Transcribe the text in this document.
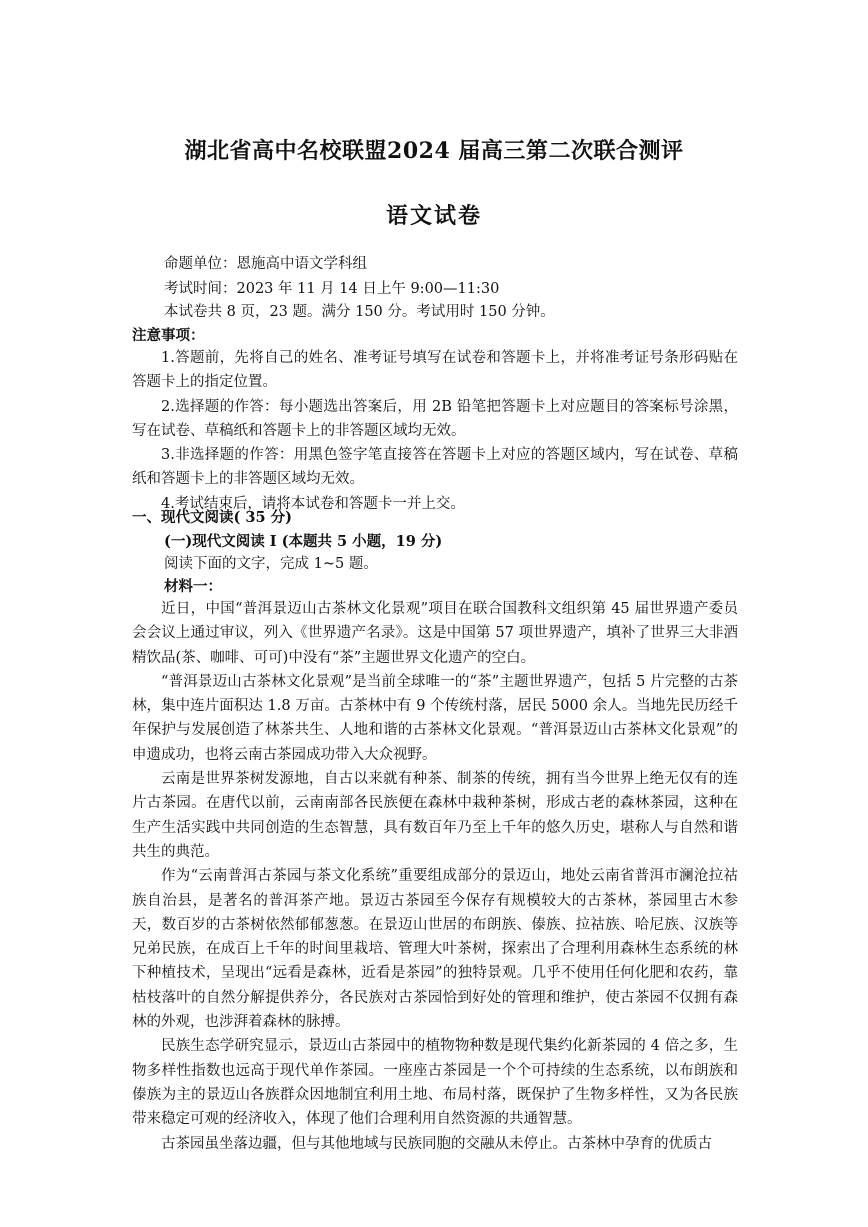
湖北省高中名校联盟2024 届高三第二次联合测评
语文试卷
命题单位：恩施高中语文学科组
考试时间：2023 年 11 月 14 日上午 9:00—11:30
本试卷共 8 页，23 题。满分 150 分。考试用时 150 分钟。
注意事项：

1.答题前，先将自己的姓名、准考证号填写在试卷和答题卡上，并将准考证号条形码贴在答题卡上的指定位置。

2.选择题的作答：每小题选出答案后，用 2B 铅笔把答题卡上对应题目的答案标号涂黑，写在试卷、草稿纸和答题卡上的非答题区域均无效。

3.非选择题的作答：用黑色签字笔直接答在答题卡上对应的答题区域内，写在试卷、草稿纸和答题卡上的非答题区域均无效。

4.考试结束后，请将本试卷和答题卡一并上交。

一、现代文阅读( 35 分)
(一)现代文阅读 I (本题共 5 小题，19 分)
阅读下面的文字，完成 1~5 题。
材料一：

近日，中国“普洱景迈山古茶林文化景观”项目在联合国教科文组织第 45 届世界遗产委员会会议上通过审议，列入《世界遗产名录》。这是中国第 57 项世界遗产，填补了世界三大非酒精饮品(茶、咖啡、可可)中没有“茶”主题世界文化遗产的空白。

“普洱景迈山古茶林文化景观”是当前全球唯一的“茶”主题世界遗产，包括 5 片完整的古茶林，集中连片面积达 1.8 万亩。古茶林中有 9 个传统村落，居民 5000 余人。当地先民历经千年保护与发展创造了林茶共生、人地和谐的古茶林文化景观。“普洱景迈山古茶林文化景观”的申遗成功，也将云南古茶园成功带入大众视野。

云南是世界茶树发源地，自古以来就有种茶、制茶的传统，拥有当今世界上绝无仅有的连片古茶园。在唐代以前，云南南部各民族便在森林中栽种茶树，形成古老的森林茶园，这种在生产生活实践中共同创造的生态智慧，具有数百年乃至上千年的悠久历史，堪称人与自然和谐共生的典范。

作为“云南普洱古茶园与茶文化系统”重要组成部分的景迈山，地处云南省普洱市澜沧拉祜族自治县，是著名的普洱茶产地。景迈古茶园至今保存有规模较大的古茶林，茶园里古木参天，数百岁的古茶树依然郁郁葱葱。在景迈山世居的布朗族、傣族、拉祜族、哈尼族、汉族等兄弟民族，在成百上千年的时间里栽培、管理大叶茶树，探索出了合理利用森林生态系统的林下种植技术，呈现出“远看是森林，近看是茶园”的独特景观。几乎不使用任何化肥和农药，靠枯枝落叶的自然分解提供养分，各民族对古茶园恰到好处的管理和维护，使古茶园不仅拥有森林的外观，也涉湃着森林的脉搏。

民族生态学研究显示，景迈山古茶园中的植物物种数是现代集约化新茶园的 4 倍之多，生物多样性指数也远高于现代单作茶园。一座座古茶园是一个个可持续的生态系统，以布朗族和傣族为主的景迈山各族群众因地制宜利用土地、布局村落，既保护了生物多样性，又为各民族带来稳定可观的经济收入，体现了他们合理利用自然资源的共通智慧。

古茶园虽坐落边疆，但与其他地域与民族同胞的交融从未停止。古茶林中孕育的优质古
